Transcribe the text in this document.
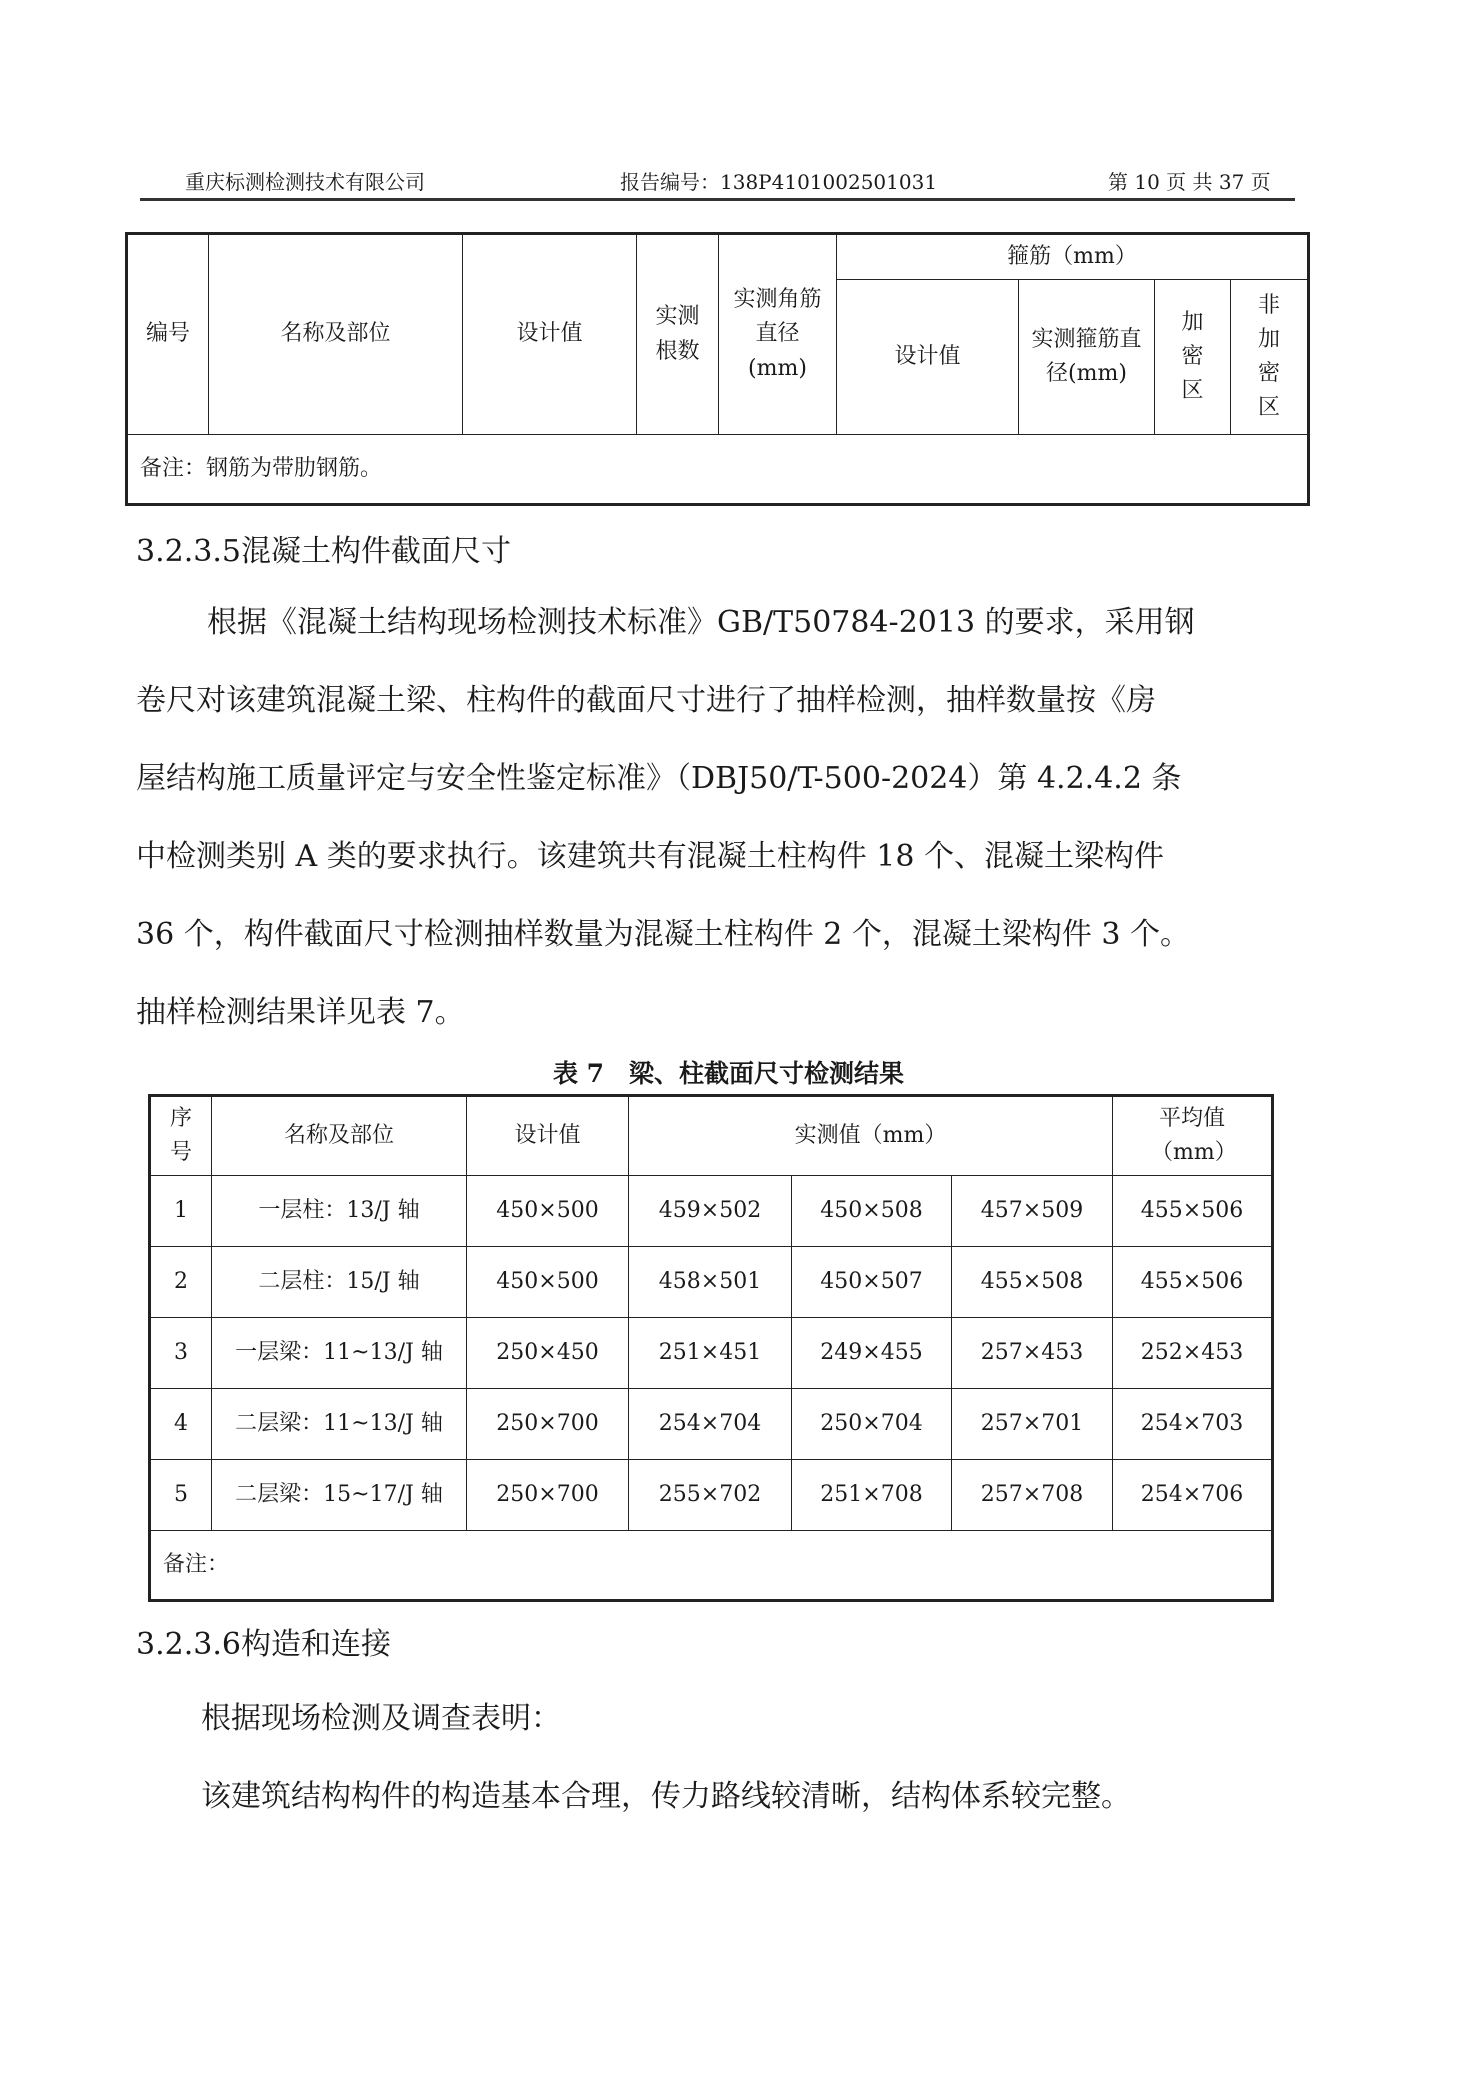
重庆标测检测技术有限公司	报告编号：138P4101002501031	第 10 页 共 37 页
编号	名称及部位	设计值	实测根数	实测角筋直径(mm)	箍筋（mm）			
					设计值	实测箍筋直径(mm)	加密区	非加密区
备注：钢筋为带肋钢筋。								
3.2.3.5混凝土构件截面尺寸
根据《混凝土结构现场检测技术标准》GB/T50784-2013 的要求，采用钢
卷尺对该建筑混凝土梁、柱构件的截面尺寸进行了抽样检测，抽样数量按《房
屋结构施工质量评定与安全性鉴定标准》（DBJ50/T-500-2024）第 4.2.4.2 条
中检测类别 A 类的要求执行。该建筑共有混凝土柱构件 18 个、混凝土梁构件
36 个，构件截面尺寸检测抽样数量为混凝土柱构件 2 个，混凝土梁构件 3 个。
抽样检测结果详见表 7。
表 7　梁、柱截面尺寸检测结果
序号	名称及部位	设计值	实测值（mm）			平均值（mm）
1	一层柱：13/J 轴	450×500	459×502	450×508	457×509	455×506
2	二层柱：15/J 轴	450×500	458×501	450×507	455×508	455×506
3	一层梁：11~13/J 轴	250×450	251×451	249×455	257×453	252×453
4	二层梁：11~13/J 轴	250×700	254×704	250×704	257×701	254×703
5	二层梁：15~17/J 轴	250×700	255×702	251×708	257×708	254×706
备注：						
3.2.3.6构造和连接
根据现场检测及调查表明：
该建筑结构构件的构造基本合理，传力路线较清晰，结构体系较完整。
